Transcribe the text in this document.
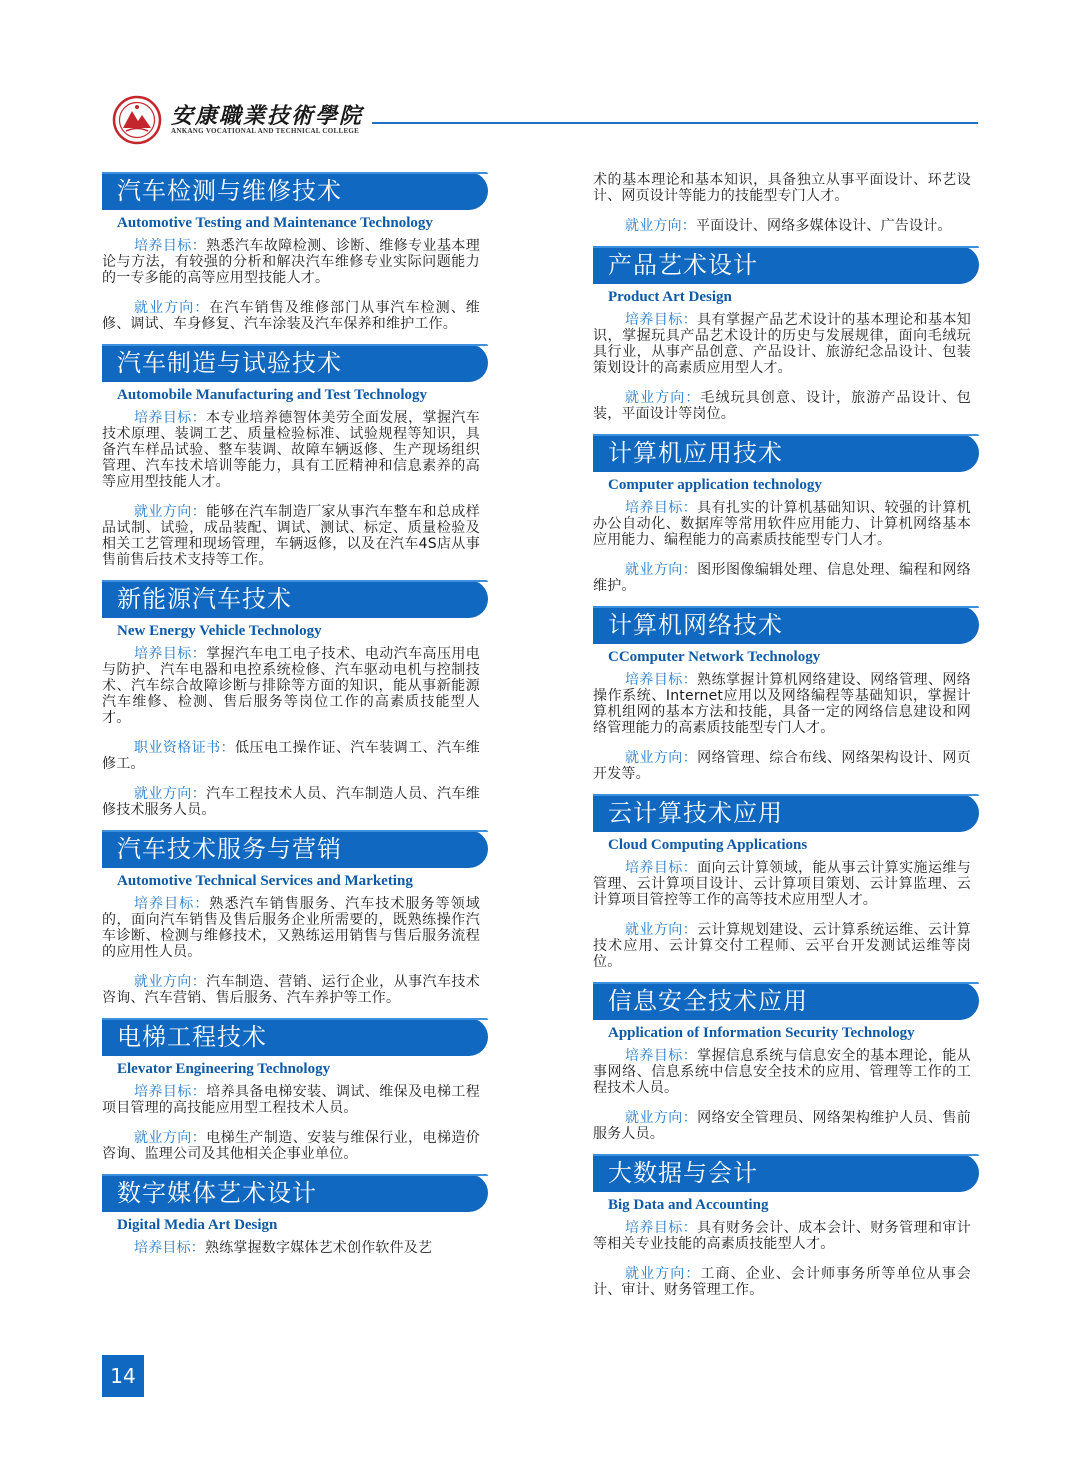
安康職業技術學院
ANKANG VOCATIONAL AND TECHNICAL COLLEGE
汽车检测与维修技术
Automotive Testing and Maintenance Technology

培养目标：熟悉汽车故障检测、诊断、维修专业基本理论与方法，有较强的分析和解决汽车维修专业实际问题能力的一专多能的高等应用型技能人才。

就业方向：在汽车销售及维修部门从事汽车检测、维修、调试、车身修复、汽车涂装及汽车保养和维护工作。

汽车制造与试验技术
Automobile Manufacturing and Test Technology

培养目标：本专业培养德智体美劳全面发展，掌握汽车技术原理、装调工艺、质量检验标准、试验规程等知识，具备汽车样品试验、整车装调、故障车辆返修、生产现场组织管理、汽车技术培训等能力，具有工匠精神和信息素养的高等应用型技能人才。

就业方向：能够在汽车制造厂家从事汽车整车和总成样品试制、试验，成品装配、调试、测试、标定、质量检验及相关工艺管理和现场管理，车辆返修，以及在汽车4S店从事售前售后技术支持等工作。

新能源汽车技术
New Energy Vehicle Technology

培养目标：掌握汽车电工电子技术、电动汽车高压用电与防护、汽车电器和电控系统检修、汽车驱动电机与控制技术、汽车综合故障诊断与排除等方面的知识，能从事新能源汽车维修、检测、售后服务等岗位工作的高素质技能型人才。

职业资格证书：低压电工操作证、汽车装调工、汽车维修工。

就业方向：汽车工程技术人员、汽车制造人员、汽车维修技术服务人员。

汽车技术服务与营销
Automotive Technical Services and Marketing

培养目标：熟悉汽车销售服务、汽车技术服务等领域的，面向汽车销售及售后服务企业所需要的，既熟练操作汽车诊断、检测与维修技术，又熟练运用销售与售后服务流程的应用性人员。

就业方向：汽车制造、营销、运行企业，从事汽车技术咨询、汽车营销、售后服务、汽车养护等工作。

电梯工程技术
Elevator Engineering Technology

培养目标：培养具备电梯安装、调试、维保及电梯工程项目管理的高技能应用型工程技术人员。

就业方向：电梯生产制造、安装与维保行业，电梯造价咨询、监理公司及其他相关企事业单位。

数字媒体艺术设计
Digital Media Art Design

培养目标：熟练掌握数字媒体艺术创作软件及艺

术的基本理论和基本知识，具备独立从事平面设计、环艺设计、网页设计等能力的技能型专门人才。

就业方向：平面设计、网络多媒体设计、广告设计。

产品艺术设计
Product Art Design

培养目标：具有掌握产品艺术设计的基本理论和基本知识，掌握玩具产品艺术设计的历史与发展规律，面向毛绒玩具行业，从事产品创意、产品设计、旅游纪念品设计、包装策划设计的高素质应用型人才。

就业方向：毛绒玩具创意、设计，旅游产品设计、包装，平面设计等岗位。

计算机应用技术
Computer application technology

培养目标：具有扎实的计算机基础知识、较强的计算机办公自动化、数据库等常用软件应用能力、计算机网络基本应用能力、编程能力的高素质技能型专门人才。

就业方向：图形图像编辑处理、信息处理、编程和网络维护。

计算机网络技术
CComputer Network Technology

培养目标：熟练掌握计算机网络建设、网络管理、网络操作系统、Internet应用以及网络编程等基础知识，掌握计算机组网的基本方法和技能，具备一定的网络信息建设和网络管理能力的高素质技能型专门人才。

就业方向：网络管理、综合布线、网络架构设计、网页开发等。

云计算技术应用
Cloud Computing Applications

培养目标：面向云计算领域，能从事云计算实施运维与管理、云计算项目设计、云计算项目策划、云计算监理、云计算项目管控等工作的高等技术应用型人才。

就业方向：云计算规划建设、云计算系统运维、云计算技术应用、云计算交付工程师、云平台开发测试运维等岗位。

信息安全技术应用
Application of Information Security Technology

培养目标：掌握信息系统与信息安全的基本理论，能从事网络、信息系统中信息安全技术的应用、管理等工作的工程技术人员。

就业方向：网络安全管理员、网络架构维护人员、售前服务人员。

大数据与会计
Big Data and Accounting

培养目标：具有财务会计、成本会计、财务管理和审计等相关专业技能的高素质技能型人才。

就业方向：工商、企业、会计师事务所等单位从事会计、审计、财务管理工作。

14
